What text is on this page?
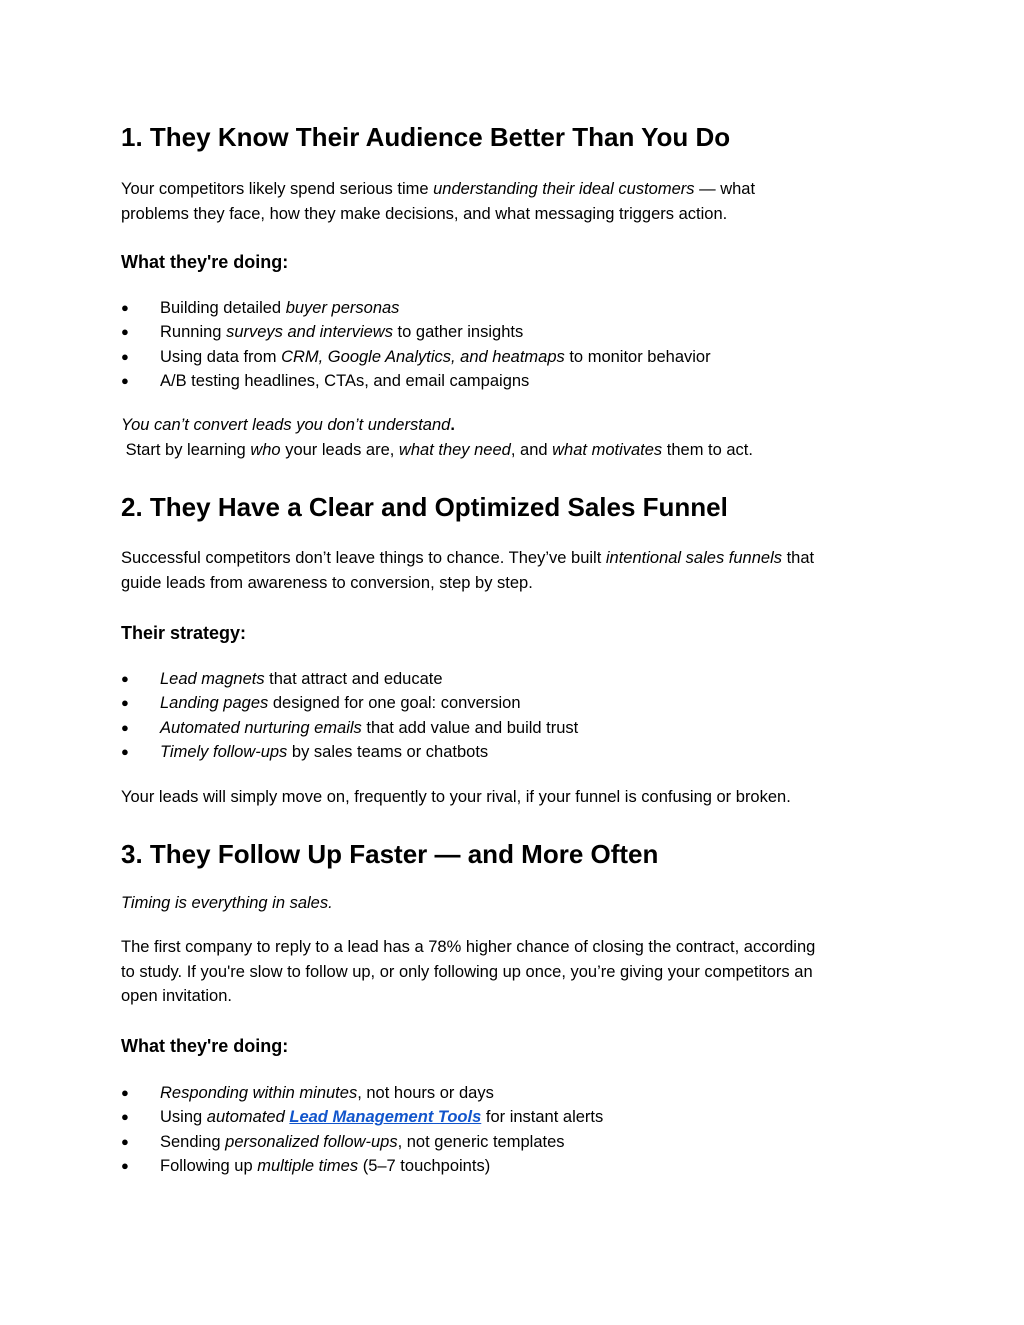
1. They Know Their Audience Better Than You Do

Your competitors likely spend serious time understanding their ideal customers — what
problems they face, how they make decisions, and what messaging triggers action.

What they're doing:
● Building detailed buyer personas
● Running surveys and interviews to gather insights
● Using data from CRM, Google Analytics, and heatmaps to monitor behavior
● A/B testing headlines, CTAs, and email campaigns

You can’t convert leads you don’t understand.
Start by learning who your leads are, what they need, and what motivates them to act.

2. They Have a Clear and Optimized Sales Funnel

Successful competitors don’t leave things to chance. They’ve built intentional sales funnels that
guide leads from awareness to conversion, step by step.

Their strategy:
● Lead magnets that attract and educate
● Landing pages designed for one goal: conversion
● Automated nurturing emails that add value and build trust
● Timely follow-ups by sales teams or chatbots

Your leads will simply move on, frequently to your rival, if your funnel is confusing or broken.

3. They Follow Up Faster — and More Often

Timing is everything in sales.

The first company to reply to a lead has a 78% higher chance of closing the contract, according
to study. If you're slow to follow up, or only following up once, you’re giving your competitors an
open invitation.

What they're doing:
● Responding within minutes, not hours or days
● Using automated Lead Management Tools for instant alerts
● Sending personalized follow-ups, not generic templates
● Following up multiple times (5–7 touchpoints)
